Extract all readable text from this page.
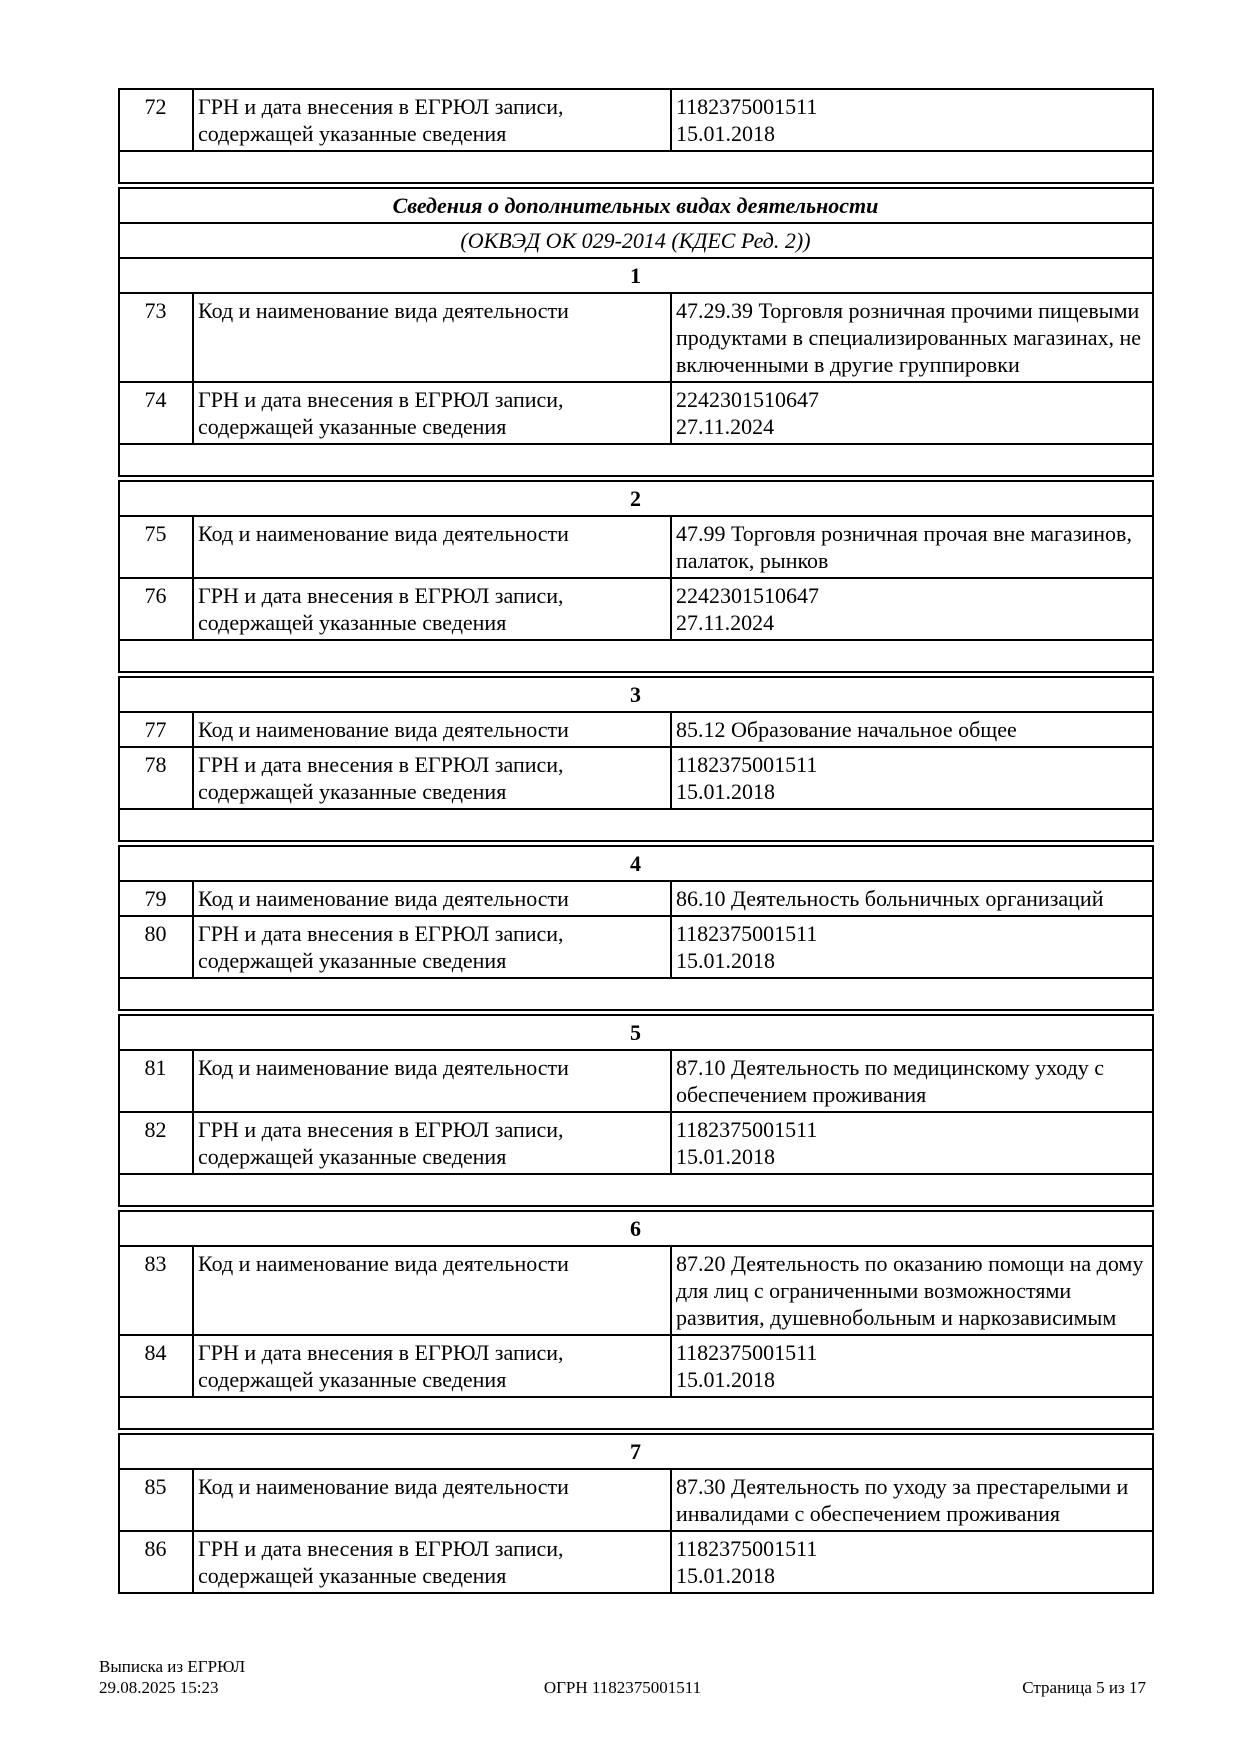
72	ГРН и дата внесения в ЕГРЮЛ записи, содержащей указанные сведения	
1182375001511
15.01.2018

Сведения о дополнительных видах деятельности		
(ОКВЭД ОК 029-2014 (КДЕС Ред. 2))		
1		
73	Код и наименование вида деятельности	47.29.39 Торговля розничная прочими пищевыми продуктами в специализированных магазинах, не включенными в другие группировки
74	ГРН и дата внесения в ЕГРЮЛ записи, содержащей указанные сведения	2242301510647
27.11.2024

2		
75	Код и наименование вида деятельности	47.99 Торговля розничная прочая вне магазинов, палаток, рынков
76	ГРН и дата внесения в ЕГРЮЛ записи, содержащей указанные сведения	2242301510647
27.11.2024

3		
77	Код и наименование вида деятельности	85.12 Образование начальное общее
78	ГРН и дата внесения в ЕГРЮЛ записи, содержащей указанные сведения	1182375001511
15.01.2018

4		
79	Код и наименование вида деятельности	86.10 Деятельность больничных организаций
80	ГРН и дата внесения в ЕГРЮЛ записи, содержащей указанные сведения	1182375001511
15.01.2018

5		
81	Код и наименование вида деятельности	87.10 Деятельность по медицинскому уходу с обеспечением проживания
82	ГРН и дата внесения в ЕГРЮЛ записи, содержащей указанные сведения	1182375001511
15.01.2018

6		
83	Код и наименование вида деятельности	87.20 Деятельность по оказанию помощи на дому для лиц с ограниченными возможностями развития, душевнобольным и наркозависимым
84	ГРН и дата внесения в ЕГРЮЛ записи, содержащей указанные сведения	1182375001511
15.01.2018

7		
85	Код и наименование вида деятельности	87.30 Деятельность по уходу за престарелыми и инвалидами с обеспечением проживания
86	ГРН и дата внесения в ЕГРЮЛ записи, содержащей указанные сведения	1182375001511
15.01.2018
Выписка из ЕГРЮЛ
29.08.2025 15:23	ОГРН 1182375001511	Страница 5 из 17
